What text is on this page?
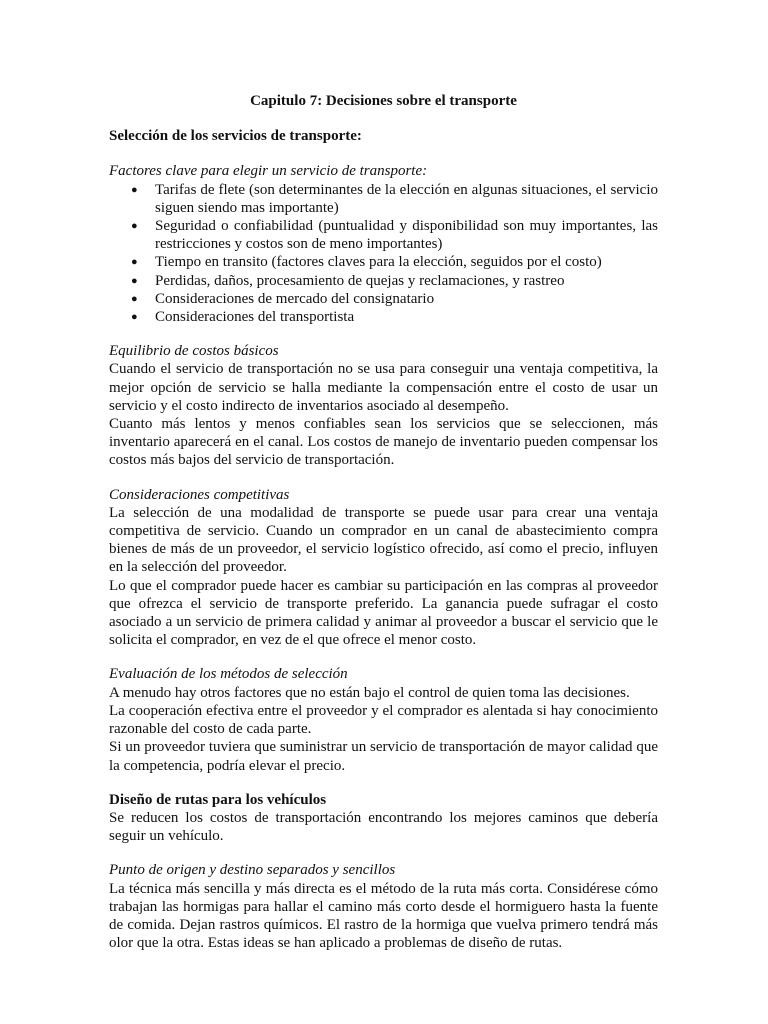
Capitulo 7: Decisiones sobre el transporte

Selección de los servicios de transporte:

Factores clave para elegir un servicio de transporte:

● Tarifas de flete (son determinantes de la elección en algunas situaciones, el servicio siguen siendo mas importante)
● Seguridad o confiabilidad (puntualidad y disponibilidad son muy importantes, las restricciones y costos son de meno importantes)
● Tiempo en transito (factores claves para la elección, seguidos por el costo)
● Perdidas, daños, procesamiento de quejas y reclamaciones, y rastreo
● Consideraciones de mercado del consignatario
● Consideraciones del transportista

Equilibrio de costos básicos

Cuando el servicio de transportación no se usa para conseguir una ventaja competitiva, la mejor opción de servicio se halla mediante la compensación entre el costo de usar un servicio y el costo indirecto de inventarios asociado al desempeño.

Cuanto más lentos y menos confiables sean los servicios que se seleccionen, más inventario aparecerá en el canal. Los costos de manejo de inventario pueden compensar los costos más bajos del servicio de transportación.

Consideraciones competitivas

La selección de una modalidad de transporte se puede usar para crear una ventaja competitiva de servicio. Cuando un comprador en un canal de abastecimiento compra bienes de más de un proveedor, el servicio logístico ofrecido, así como el precio, influyen en la selección del proveedor.

Lo que el comprador puede hacer es cambiar su participación en las compras al proveedor que ofrezca el servicio de transporte preferido. La ganancia puede sufragar el costo asociado a un servicio de primera calidad y animar al proveedor a buscar el servicio que le solicita el comprador, en vez de el que ofrece el menor costo.

Evaluación de los métodos de selección

A menudo hay otros factores que no están bajo el control de quien toma las decisiones.

La cooperación efectiva entre el proveedor y el comprador es alentada si hay conocimiento razonable del costo de cada parte.

Si un proveedor tuviera que suministrar un servicio de transportación de mayor calidad que la competencia, podría elevar el precio.

Diseño de rutas para los vehículos

Se reducen los costos de transportación encontrando los mejores caminos que debería seguir un vehículo.

Punto de origen y destino separados y sencillos

La técnica más sencilla y más directa es el método de la ruta más corta. Considérese cómo trabajan las hormigas para hallar el camino más corto desde el hormiguero hasta la fuente de comida. Dejan rastros químicos. El rastro de la hormiga que vuelva primero tendrá más olor que la otra. Estas ideas se han aplicado a problemas de diseño de rutas.
